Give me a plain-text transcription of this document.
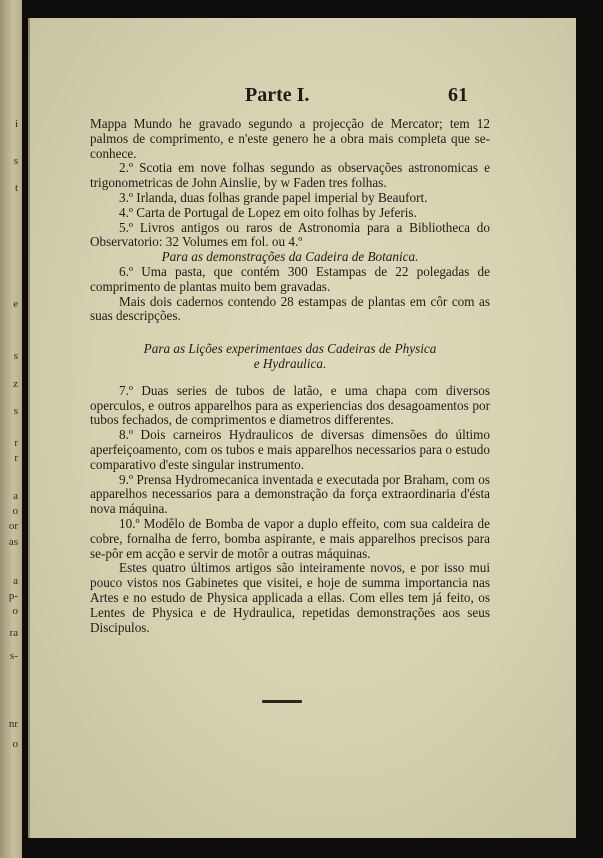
i
s
t
e
s
z
s
r
r
a
o
or
as
a
p-
o
ra
s-
nr
o
Parte I.	61

Mappa Mundo he gravado segundo a projecção de Mercator; tem 12 palmos de comprimento, e n'este genero he a obra mais completa que se-conhece.

2.º Scotia em nove folhas segundo as observações astronomicas e trigonometricas de John Ainslie, by w Faden tres folhas.

3.º Irlanda, duas folhas grande papel imperial by Beaufort.

4.º Carta de Portugal de Lopez em oito folhas by Jeferis.

5.º Livros antigos ou raros de Astronomia para a Bibliotheca do Observatorio: 32 Volumes em fol. ou 4.º

Para as demonstrações da Cadeira de Botanica.

6.º Uma pasta, que contém 300 Estampas de 22 polegadas de comprimento de plantas muito bem gravadas.

Mais dois cadernos contendo 28 estampas de plantas em côr com as suas descripções.

Para as Lições experimentaes das Cadeiras de Physica
e Hydraulica.

7.º Duas series de tubos de latão, e uma chapa com diversos operculos, e outros apparelhos para as experiencias dos desagoamentos por tubos fechados, de comprimentos e diametros differentes.

8.º Dois carneiros Hydraulicos de diversas dimensões do último aperfeiçoamento, com os tubos e mais apparelhos necessarios para o estudo comparativo d'este singular instrumento.

9.º Prensa Hydromecanica inventada e executada por Braham, com os apparelhos necessarios para a demonstração da força extraordinaria d'ésta nova máquina.

10.º Modêlo de Bomba de vapor a duplo effeito, com sua caldeira de cobre, fornalha de ferro, bomba aspirante, e mais apparelhos precisos para se-pôr em acção e servir de motôr a outras máquinas.

Estes quatro últimos artigos são inteiramente novos, e por isso mui pouco vistos nos Gabinetes que visitei, e hoje de summa importancia nas Artes e no estudo de Physica applicada a ellas. Com elles tem já feito, os Lentes de Physica e de Hydraulica, repetidas demonstrações aos seus Discipulos.
